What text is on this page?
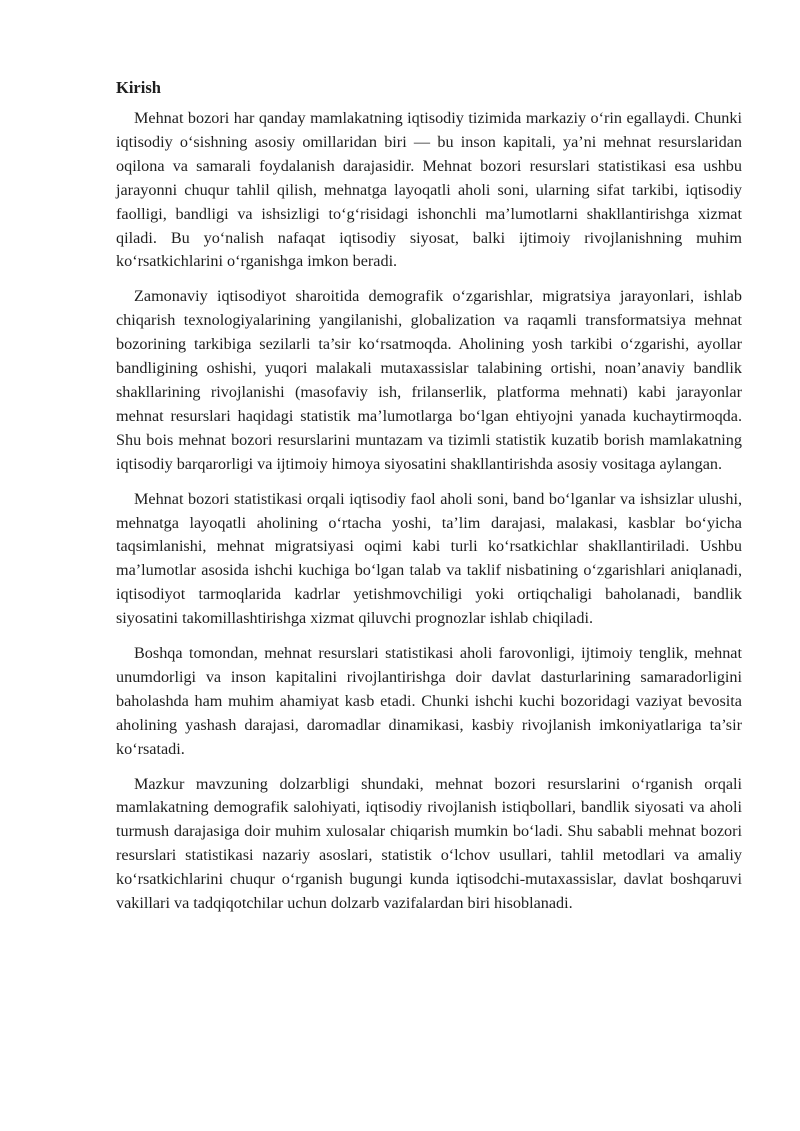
Kirish

Mehnat bozori har qanday mamlakatning iqtisodiy tizimida markaziy o‘rin egallaydi. Chunki iqtisodiy o‘sishning asosiy omillaridan biri — bu inson kapitali, ya’ni mehnat resurslaridan oqilona va samarali foydalanish darajasidir. Mehnat bozori resurslari statistikasi esa ushbu jarayonni chuqur tahlil qilish, mehnatga layoqatli aholi soni, ularning sifat tarkibi, iqtisodiy faolligi, bandligi va ishsizligi to‘g‘risidagi ishonchli ma’lumotlarni shakllantirishga xizmat qiladi. Bu yo‘nalish nafaqat iqtisodiy siyosat, balki ijtimoiy rivojlanishning muhim ko‘rsatkichlarini o‘rganishga imkon beradi.

Zamonaviy iqtisodiyot sharoitida demografik o‘zgarishlar, migratsiya jarayonlari, ishlab chiqarish texnologiyalarining yangilanishi, globalization va raqamli transformatsiya mehnat bozorining tarkibiga sezilarli ta’sir ko‘rsatmoqda. Aholining yosh tarkibi o‘zgarishi, ayollar bandligining oshishi, yuqori malakali mutaxassislar talabining ortishi, noan’anaviy bandlik shakllarining rivojlanishi (masofaviy ish, frilanserlik, platforma mehnati) kabi jarayonlar mehnat resurslari haqidagi statistik ma’lumotlarga bo‘lgan ehtiyojni yanada kuchaytirmoqda. Shu bois mehnat bozori resurslarini muntazam va tizimli statistik kuzatib borish mamlakatning iqtisodiy barqarorligi va ijtimoiy himoya siyosatini shakllantirishda asosiy vositaga aylangan.

Mehnat bozori statistikasi orqali iqtisodiy faol aholi soni, band bo‘lganlar va ishsizlar ulushi, mehnatga layoqatli aholining o‘rtacha yoshi, ta’lim darajasi, malakasi, kasblar bo‘yicha taqsimlanishi, mehnat migratsiyasi oqimi kabi turli ko‘rsatkichlar shakllantiriladi. Ushbu ma’lumotlar asosida ishchi kuchiga bo‘lgan talab va taklif nisbatining o‘zgarishlari aniqlanadi, iqtisodiyot tarmoqlarida kadrlar yetishmovchiligi yoki ortiqchaligi baholanadi, bandlik siyosatini takomillashtirishga xizmat qiluvchi prognozlar ishlab chiqiladi.

Boshqa tomondan, mehnat resurslari statistikasi aholi farovonligi, ijtimoiy tenglik, mehnat unumdorligi va inson kapitalini rivojlantirishga doir davlat dasturlarining samaradorligini baholashda ham muhim ahamiyat kasb etadi. Chunki ishchi kuchi bozoridagi vaziyat bevosita aholining yashash darajasi, daromadlar dinamikasi, kasbiy rivojlanish imkoniyatlariga ta’sir ko‘rsatadi.

Mazkur mavzuning dolzarbligi shundaki, mehnat bozori resurslarini o‘rganish orqali mamlakatning demografik salohiyati, iqtisodiy rivojlanish istiqbollari, bandlik siyosati va aholi turmush darajasiga doir muhim xulosalar chiqarish mumkin bo‘ladi. Shu sababli mehnat bozori resurslari statistikasi nazariy asoslari, statistik o‘lchov usullari, tahlil metodlari va amaliy ko‘rsatkichlarini chuqur o‘rganish bugungi kunda iqtisodchi-mutaxassislar, davlat boshqaruvi vakillari va tadqiqotchilar uchun dolzarb vazifalardan biri hisoblanadi.
